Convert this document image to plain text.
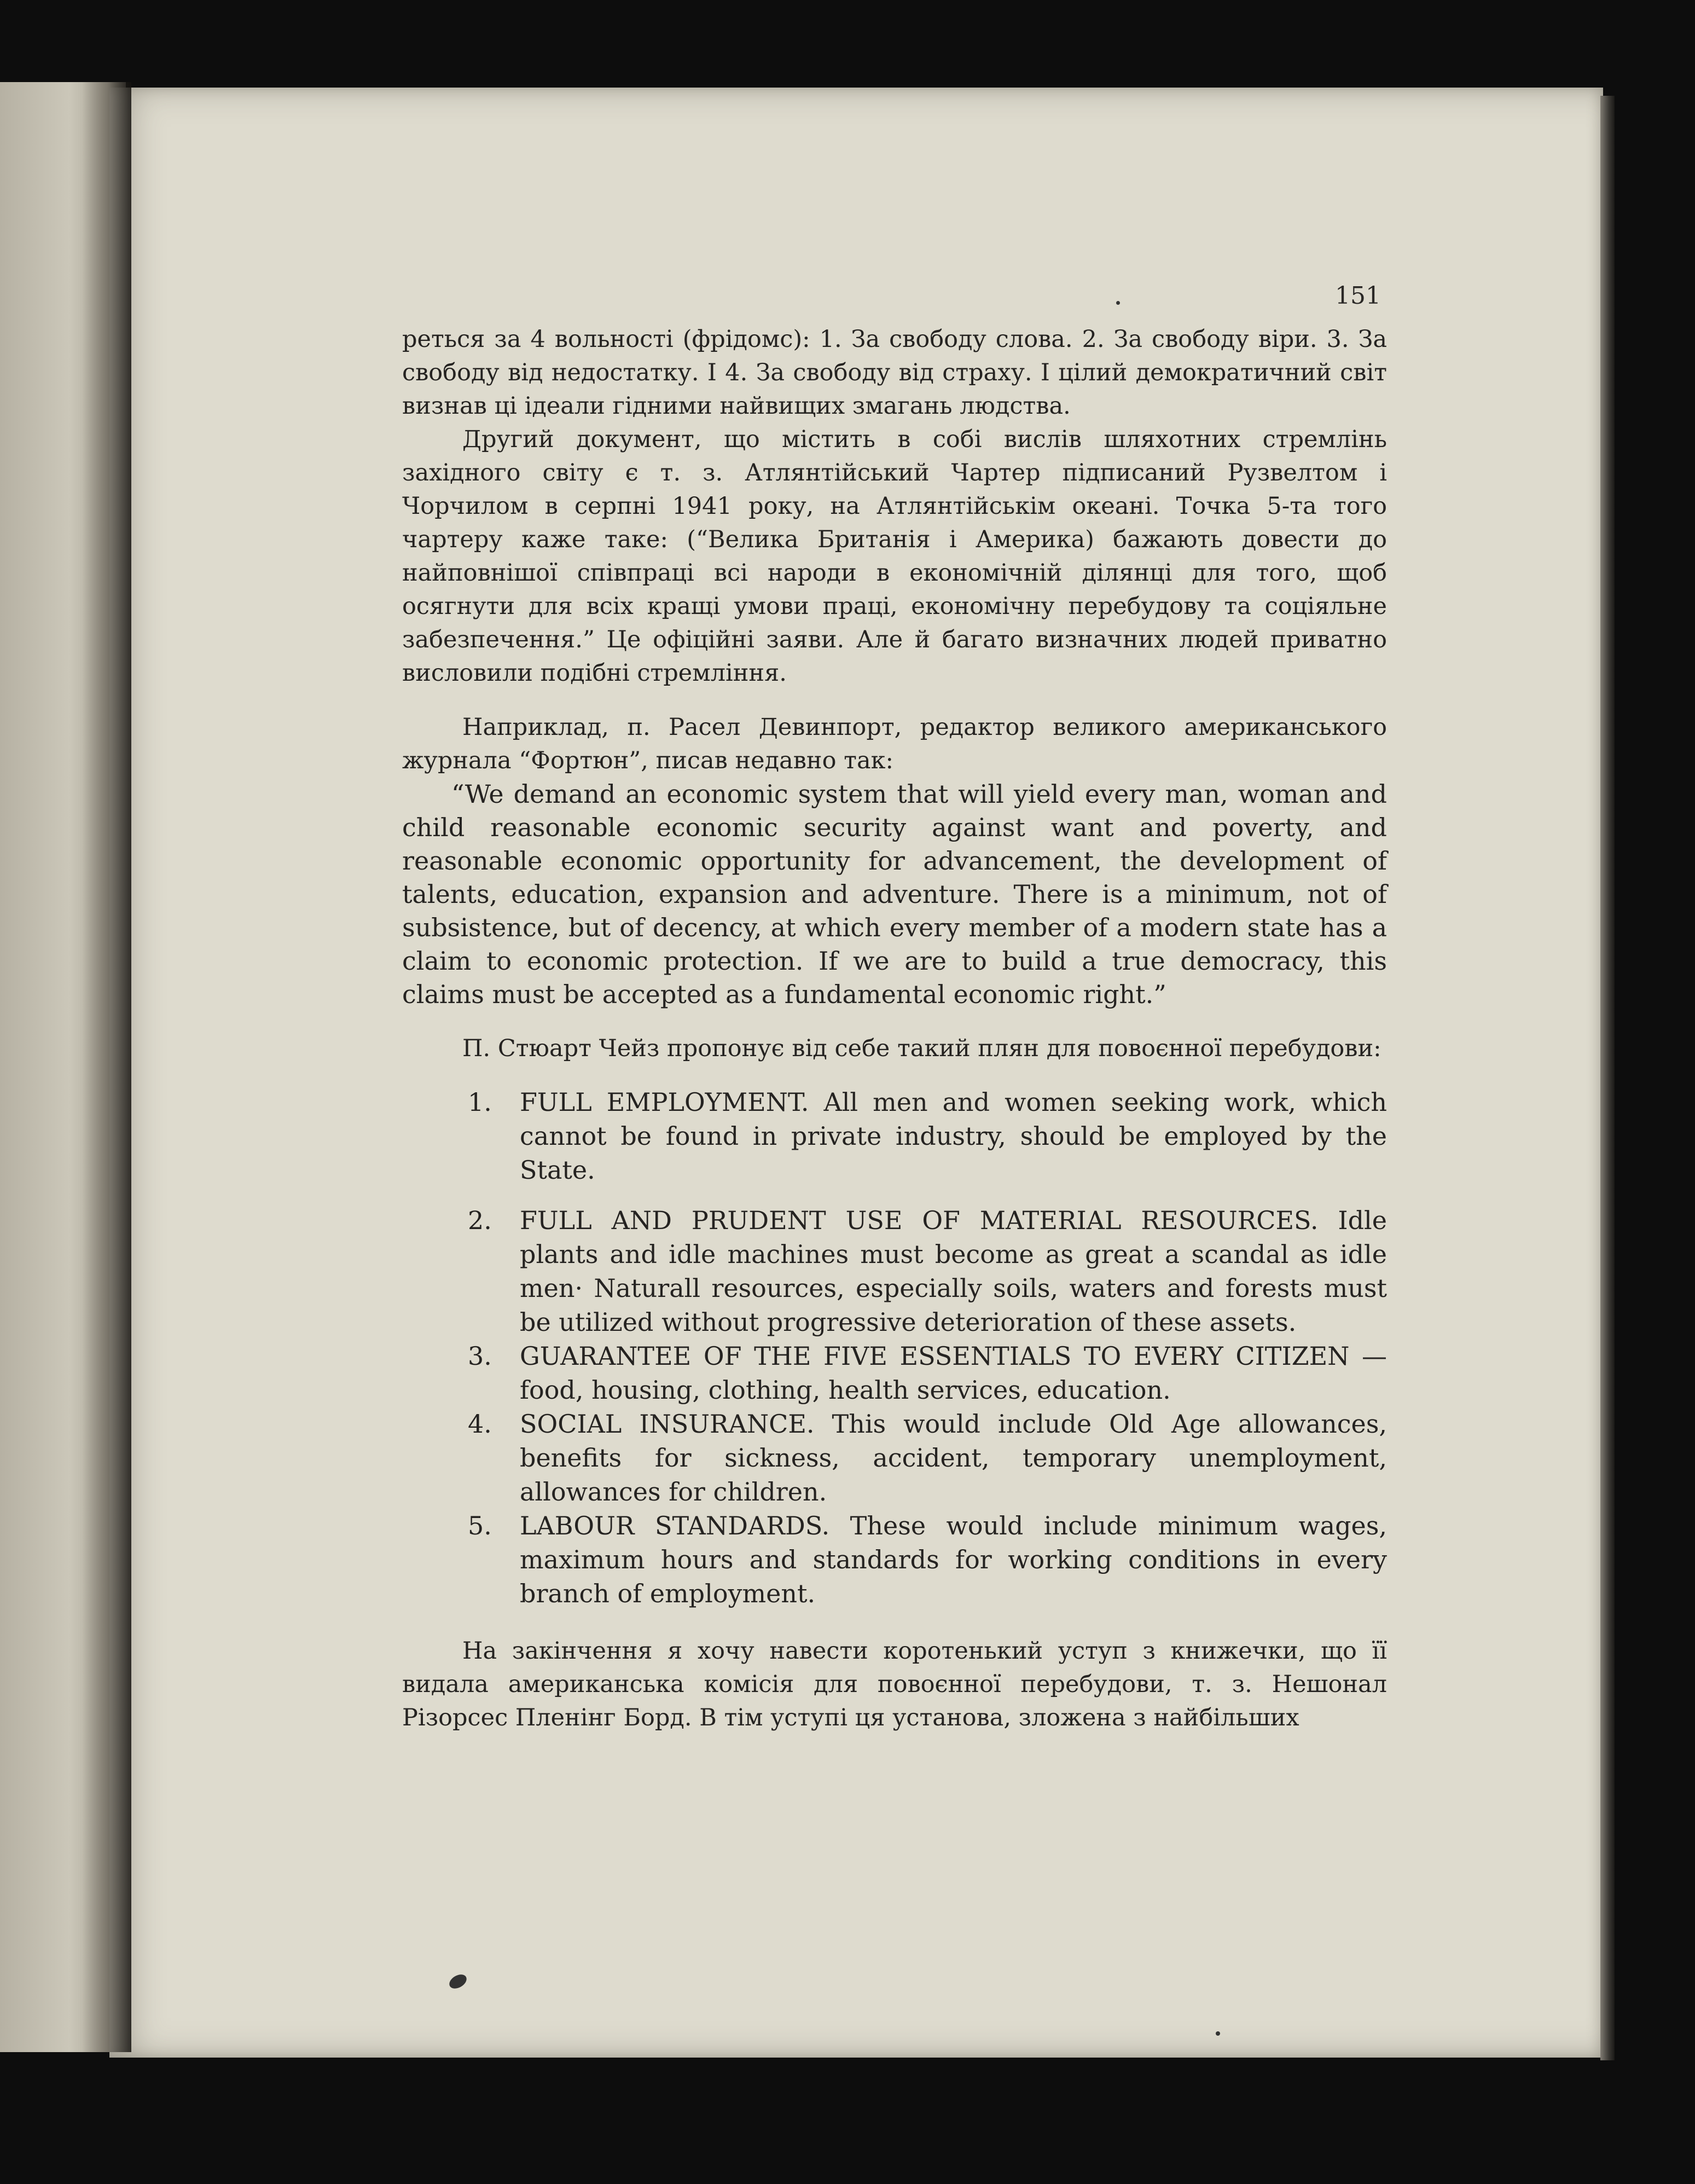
151

реться за 4 вольності (фрідомс): 1. За свободу слова. 2. За свободу віри. 3. За свободу від недостатку. І 4. За свободу від страху. І цілий демократичний світ визнав ці ідеали гідними найвищих змагань людства.

Другий документ, що містить в собі вислів шляхотних стремлінь західного світу є т. з. Атлянтійський Чартер підписаний Рузвелтом і Чорчилом в серпні 1941 року, на Атлянтійськім океані. Точка 5-та того чартеру каже таке: (“Велика Британія і Америка) бажають довести до найповнішої співпраці всі народи в економічній ділянці для того, щоб осягнути для всіх кращі умови праці, економічну перебудову та соціяльне забезпечення.” Це офіційні заяви. Але й багато визначних людей приватно висловили подібні стремління.

Наприклад, п. Расел Девинпорт, редактор великого американського журнала “Фортюн”, писав недавно так:

“We demand an economic system that will yield every man, woman and child reasonable economic security against want and poverty, and reasonable economic opportunity for advancement, the development of talents, education, expansion and adventure. There is a minimum, not of subsistence, but of decency, at which every member of a modern state has a claim to economic protection. If we are to build a true democracy, this claims must be accepted as a fundamental economic right.”

П. Стюарт Чейз пропонує від себе такий плян для повоєнної перебудови:

1. FULL EMPLOYMENT. All men and women seeking work, which cannot be found in private industry, should be employed by the State.
2. FULL AND PRUDENT USE OF MATERIAL RESOURCES. Idle plants and idle machines must become as great a scandal as idle men· Naturall resources, especially soils, waters and forests must be utilized without progressive deterioration of these assets.
3. GUARANTEE OF THE FIVE ESSENTIALS TO EVERY CITIZEN — food, housing, clothing, health services, education.
4. SOCIAL INSURANCE. This would include Old Age allowances, benefits for sickness, accident, temporary unemployment, allowances for children.
5. LABOUR STANDARDS. These would include minimum wages, maximum hours and standards for working conditions in every branch of employment.

На закінчення я хочу навести коротенький уступ з книжечки, що її видала американська комісія для повоєнної перебудови, т. з. Нешонал Різорсес Пленінг Борд. В тім уступі ця установа, зложена з найбільших
